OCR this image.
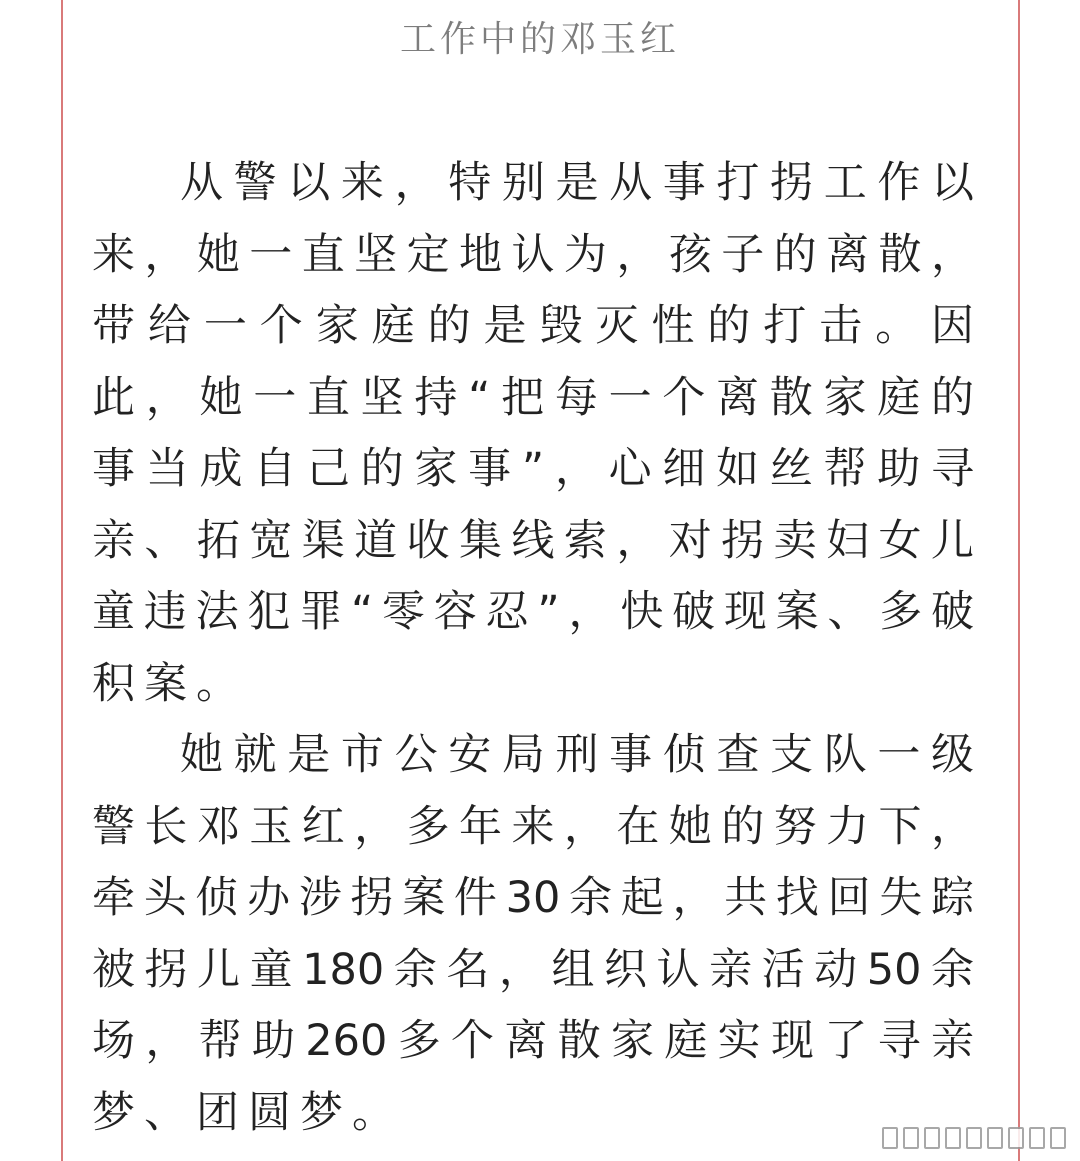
工作中的邓玉红
从警以来，特别是从事打拐工作以
来，她一直坚定地认为，孩子的离散，
带给一个家庭的是毁灭性的打击。因
此，她一直坚持“把每一个离散家庭的
事当成自己的家事”，心细如丝帮助寻
亲、拓宽渠道收集线索，对拐卖妇女儿
童违法犯罪“零容忍”，快破现案、多破
积案。
她就是市公安局刑事侦查支队一级
警长邓玉红，多年来，在她的努力下，
牵头侦办涉拐案件30余起，共找回失踪
被拐儿童180余名，组织认亲活动50余
场，帮助260多个离散家庭实现了寻亲
梦、团圆梦。
